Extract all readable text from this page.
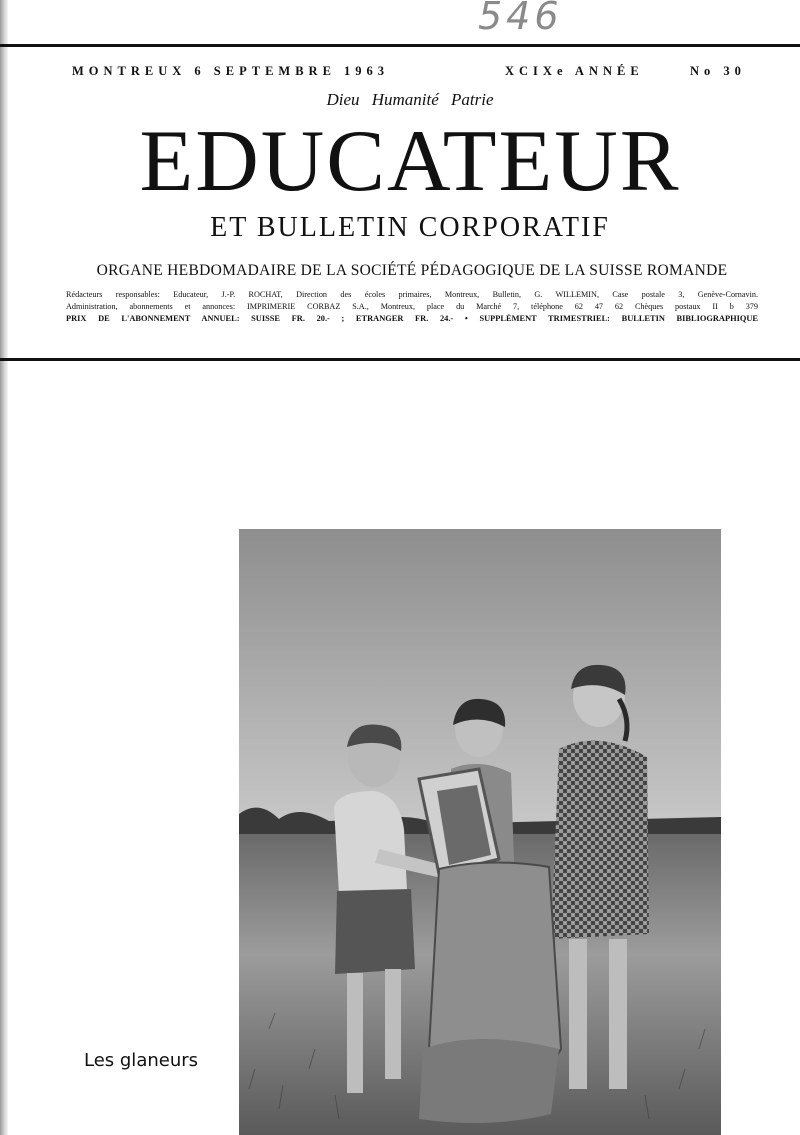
546
MONTREUX 6 SEPTEMBRE 1963	XCIXe ANNÉE	No 30
Dieu Humanité Patrie
EDUCATEUR
ET BULLETIN CORPORATIF
ORGANE HEBDOMADAIRE DE LA SOCIÉTÉ PÉDAGOGIQUE DE LA SUISSE ROMANDE
Rédacteurs responsables: Educateur, J.-P. ROCHAT, Direction des écoles primaires, Montreux, Bulletin, G. WILLEMIN, Case postale 3, Genève-Cornavin.
Administration, abonnements et annonces: IMPRIMERIE CORBAZ S.A., Montreux, place du Marché 7, téléphone 62 47 62 Chèques postaux II b 379
PRIX DE L'ABONNEMENT ANNUEL: SUISSE FR. 20.- ; ETRANGER FR. 24.- • SUPPLÉMENT TRIMESTRIEL: BULLETIN BIBLIOGRAPHIQUE
Les glaneurs
